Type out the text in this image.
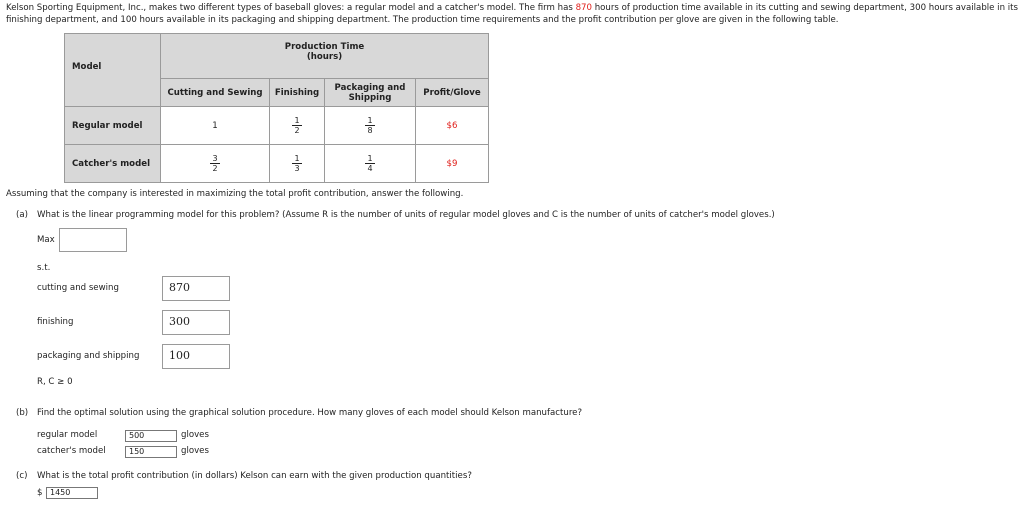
Kelson Sporting Equipment, Inc., makes two different types of baseball gloves: a regular model and a catcher's model. The firm has 870 hours of production time available in its cutting and sewing department, 300 hours available in its finishing department, and 100 hours available in its packaging and shipping department. The production time requirements and the profit contribution per glove are given in the following table.
Model	Production Time
(hours)			

	Cutting and Sewing	Finishing	Packaging and
Shipping	Profit/Glove
Regular model	1	$\frac{1}{2}$	$\frac{1}{8}$	$6
Catcher's model	$\frac{3}{2}$	$\frac{1}{3}$	$\frac{1}{4}$	$9
Assuming that the company is interested in maximizing the total profit contribution, answer the following.
(a) What is the linear programming model for this problem? (Assume R is the number of units of regular model gloves and C is the number of units of catcher's model gloves.)
Max
s.t.
cutting and sewing	870
finishing	300
packaging and shipping	100
R, C ≥ 0
(b) Find the optimal solution using the graphical solution procedure. How many gloves of each model should Kelson manufacture?
regular model	500	gloves
catcher's model	150	gloves
(c) What is the total profit contribution (in dollars) Kelson can earn with the given production quantities?
$ 1450
